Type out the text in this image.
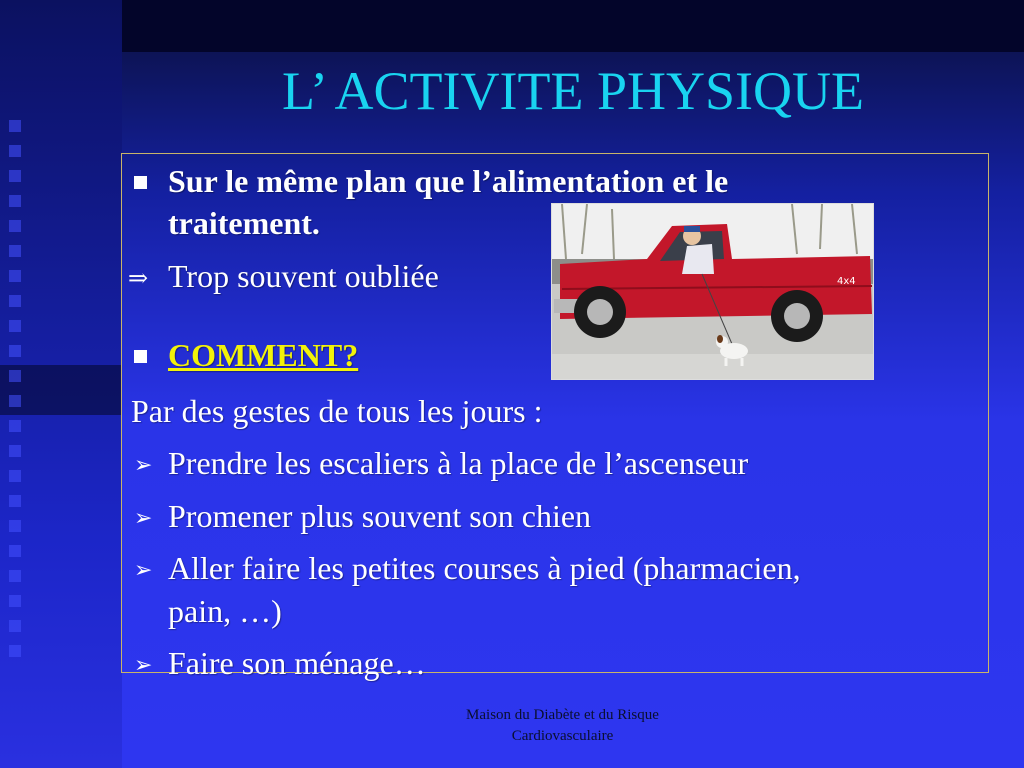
L’ ACTIVITE PHYSIQUE
4x4
Sur le même plan que l’alimentation et le
traitement.
⇒ Trop souvent oubliée
COMMENT?
Par des gestes de tous les jours :
➢ Prendre les escaliers à la place de l’ascenseur
➢ Promener plus souvent son chien
➢ Aller faire les petites courses à pied (pharmacien,
pain, …)
➢ Faire son ménage…
Maison du Diabète et du Risque
Cardiovasculaire
